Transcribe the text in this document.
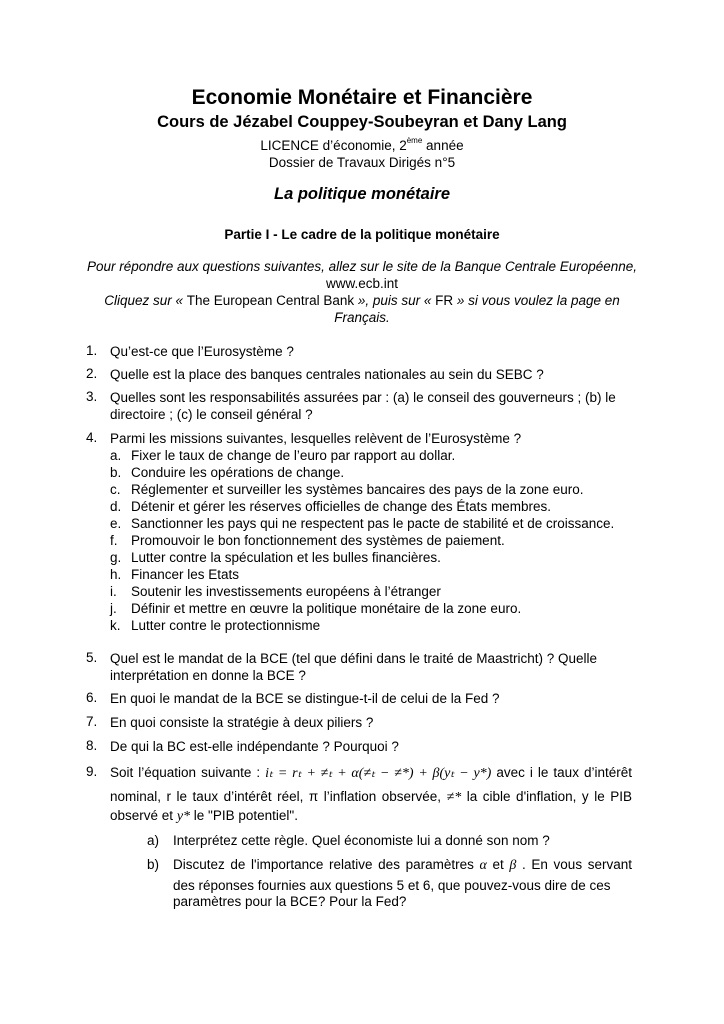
Economie Monétaire et Financière
Cours de Jézabel Couppey-Soubeyran et Dany Lang
LICENCE d’économie, 2ème année
Dossier de Travaux Dirigés n°5
La politique monétaire
Partie I - Le cadre de la politique monétaire
Pour répondre aux questions suivantes, allez sur le site de la Banque Centrale Européenne,
www.ecb.int
Cliquez sur « The European Central Bank », puis sur « FR » si vous voulez la page en
Français.
1. Qu’est-ce que l’Eurosystème ?
2. Quelle est la place des banques centrales nationales au sein du SEBC ?
3. Quelles sont les responsabilités assurées par : (a) le conseil des gouverneurs ; (b) le
directoire ; (c) le conseil général ?
4. Parmi les missions suivantes, lesquelles relèvent de l’Eurosystème ?
a. Fixer le taux de change de l’euro par rapport au dollar.
b. Conduire les opérations de change.
c. Réglementer et surveiller les systèmes bancaires des pays de la zone euro.
d. Détenir et gérer les réserves officielles de change des États membres.
e. Sanctionner les pays qui ne respectent pas le pacte de stabilité et de croissance.
f. Promouvoir le bon fonctionnement des systèmes de paiement.
g. Lutter contre la spéculation et les bulles financières.
h. Financer les Etats
i. Soutenir les investissements européens à l’étranger
j. Définir et mettre en œuvre la politique monétaire de la zone euro.
k. Lutter contre le protectionnisme
5. Quel est le mandat de la BCE (tel que défini dans le traité de Maastricht) ? Quelle
interprétation en donne la BCE ?
6. En quoi le mandat de la BCE se distingue-t-il de celui de la Fed ?
7. En quoi consiste la stratégie à deux piliers ?
8. De qui la BC est-elle indépendante ? Pourquoi ?
9. Soit l’équation suivante : iₜ = rₜ + ≠ₜ + α(≠ₜ − ≠*) + β(yₜ − y*) avec i le taux d’intérêt
nominal, r le taux d’intérêt réel, π l’inflation observée, ≠* la cible d'inflation, y le PIB
observé et y* le "PIB potentiel".
a) Interprétez cette règle. Quel économiste lui a donné son nom ?
b) Discutez de l'importance relative des paramètres α et β . En vous servant
des réponses fournies aux questions 5 et 6, que pouvez-vous dire de ces
paramètres pour la BCE? Pour la Fed?
